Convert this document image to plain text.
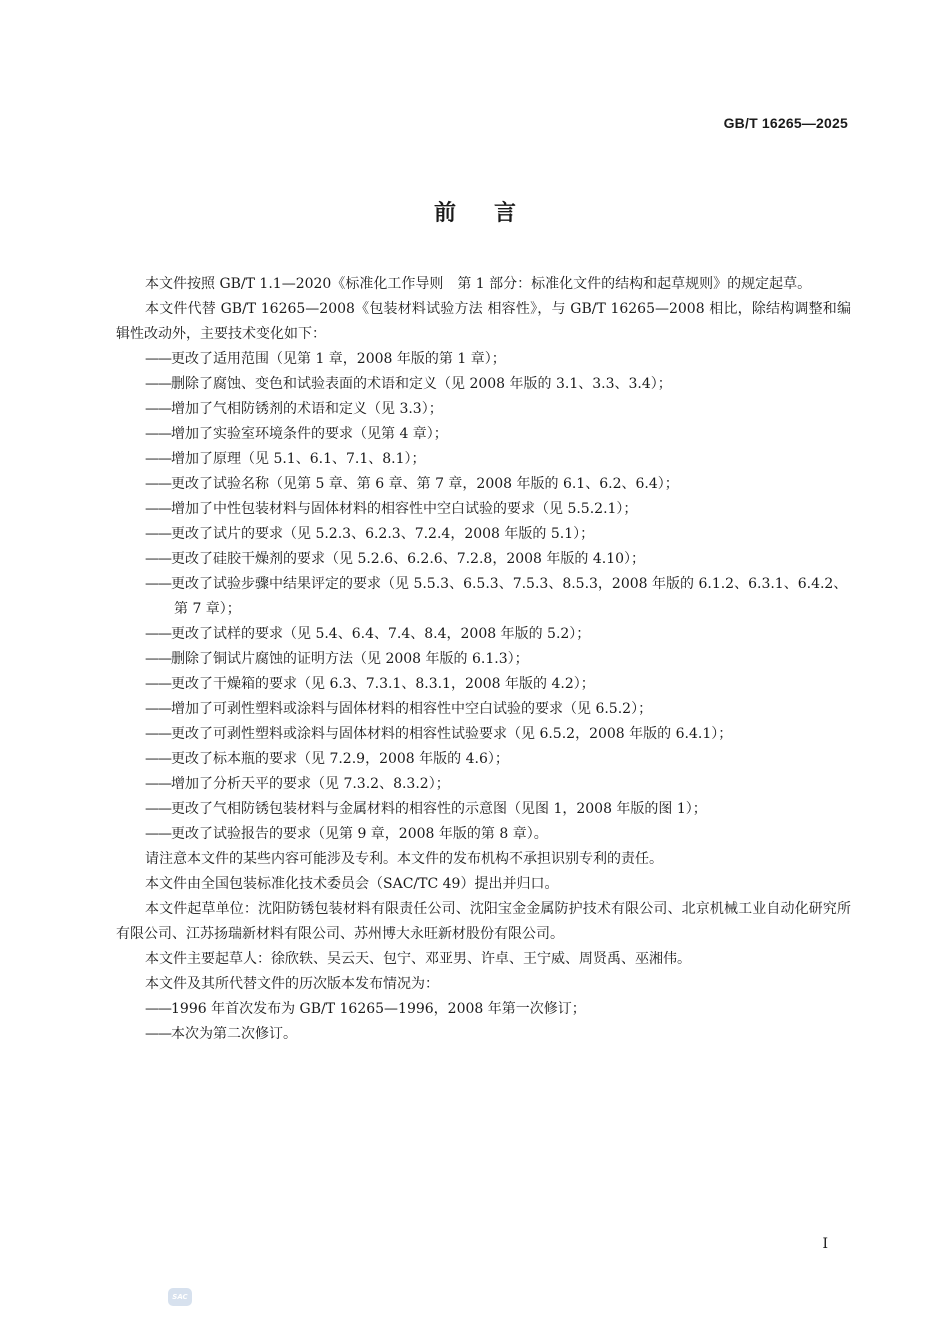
GB/T 16265—2025
前言

本文件按照 GB/T 1.1—2020《标准化工作导则　第 1 部分：标准化文件的结构和起草规则》的规定起草。

本文件代替 GB/T 16265—2008《包装材料试验方法 相容性》，与 GB/T 16265—2008 相比，除结构调整和编辑性改动外，主要技术变化如下：

——更改了适用范围（见第 1 章，2008 年版的第 1 章）；

——删除了腐蚀、变色和试验表面的术语和定义（见 2008 年版的 3.1、3.3、3.4）；

——增加了气相防锈剂的术语和定义（见 3.3）；

——增加了实验室环境条件的要求（见第 4 章）；

——增加了原理（见 5.1、6.1、7.1、8.1）；

——更改了试验名称（见第 5 章、第 6 章、第 7 章，2008 年版的 6.1、6.2、6.4）；

——增加了中性包装材料与固体材料的相容性中空白试验的要求（见 5.5.2.1）；

——更改了试片的要求（见 5.2.3、6.2.3、7.2.4，2008 年版的 5.1）；

——更改了硅胶干燥剂的要求（见 5.2.6、6.2.6、7.2.8，2008 年版的 4.10）；

——更改了试验步骤中结果评定的要求（见 5.5.3、6.5.3、7.5.3、8.5.3，2008 年版的 6.1.2、6.3.1、6.4.2、第 7 章）；

——更改了试样的要求（见 5.4、6.4、7.4、8.4，2008 年版的 5.2）；

——删除了铜试片腐蚀的证明方法（见 2008 年版的 6.1.3）；

——更改了干燥箱的要求（见 6.3、7.3.1、8.3.1，2008 年版的 4.2）；

——增加了可剥性塑料或涂料与固体材料的相容性中空白试验的要求（见 6.5.2）；

——更改了可剥性塑料或涂料与固体材料的相容性试验要求（见 6.5.2，2008 年版的 6.4.1）；

——更改了标本瓶的要求（见 7.2.9，2008 年版的 4.6）；

——增加了分析天平的要求（见 7.3.2、8.3.2）；

——更改了气相防锈包装材料与金属材料的相容性的示意图（见图 1，2008 年版的图 1）；

——更改了试验报告的要求（见第 9 章，2008 年版的第 8 章）。

请注意本文件的某些内容可能涉及专利。本文件的发布机构不承担识别专利的责任。

本文件由全国包装标准化技术委员会（SAC/TC 49）提出并归口。

本文件起草单位：沈阳防锈包装材料有限责任公司、沈阳宝金金属防护技术有限公司、北京机械工业自动化研究所有限公司、江苏扬瑞新材料有限公司、苏州博大永旺新材股份有限公司。

本文件主要起草人：徐欣轶、吴云天、包宁、邓亚男、许卓、王宁威、周贤禹、巫湘伟。

本文件及其所代替文件的历次版本发布情况为：

——1996 年首次发布为 GB/T 16265—1996，2008 年第一次修订；

——本次为第二次修订。

I
SAC
